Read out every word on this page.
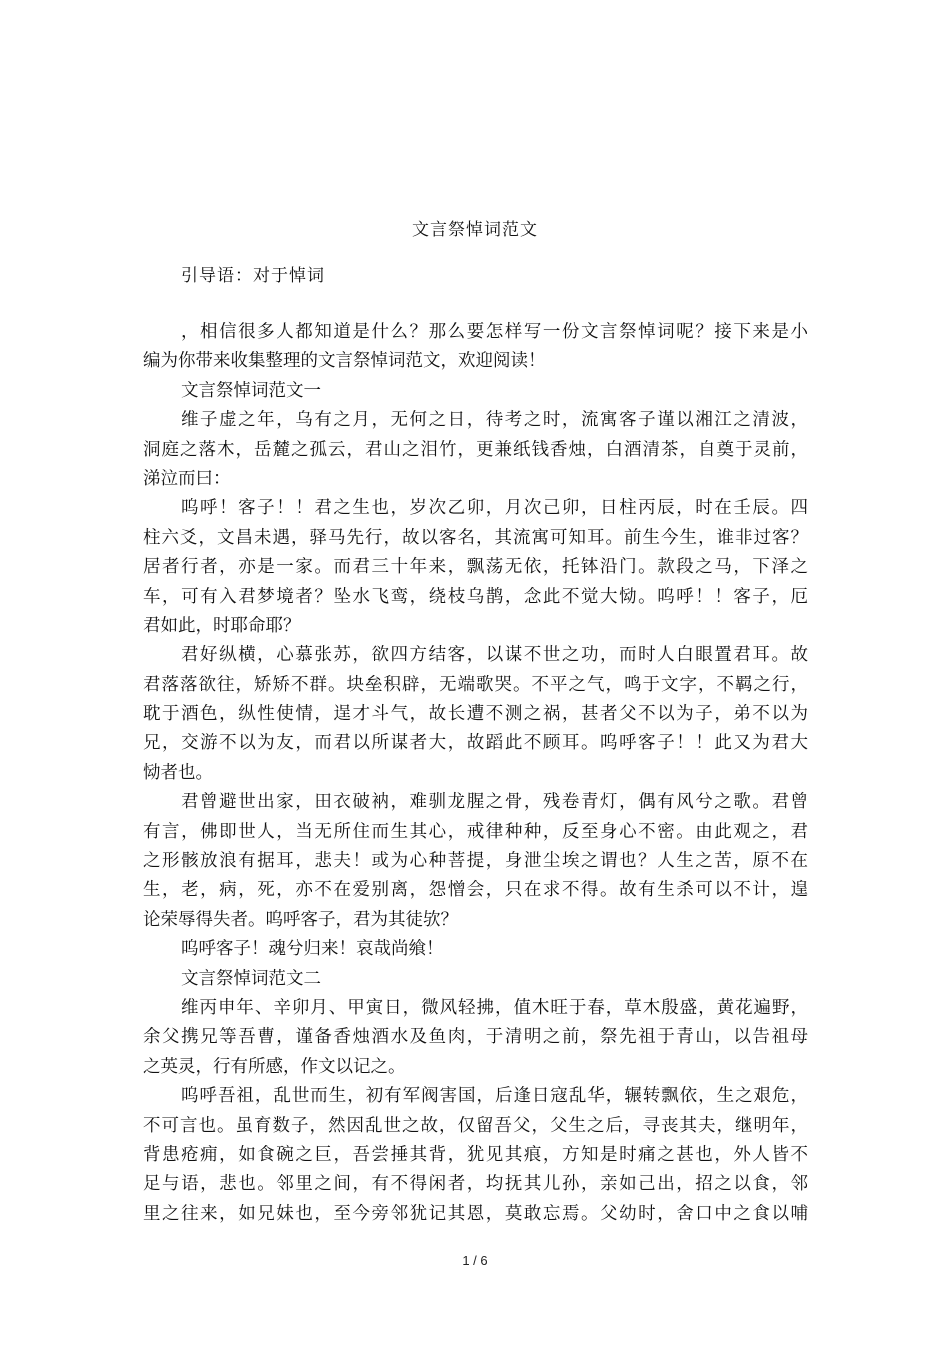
文言祭悼词范文
引导语：对于悼词
，相信很多人都知道是什么？那么要怎样写一份文言祭悼词呢？接下来是小
编为你带来收集整理的文言祭悼词范文，欢迎阅读！
文言祭悼词范文一
维子虚之年，乌有之月，无何之日，待考之时，流寓客子谨以湘江之清波，
洞庭之落木，岳麓之孤云，君山之泪竹，更兼纸钱香烛，白酒清茶，自奠于灵前，
涕泣而曰：
呜呼！客子！！君之生也，岁次乙卯，月次己卯，日柱丙辰，时在壬辰。四
柱六爻，文昌未遇，驿马先行，故以客名，其流寓可知耳。前生今生，谁非过客？
居者行者，亦是一家。而君三十年来，飘荡无依，托钵沿门。款段之马，下泽之
车，可有入君梦境者？坠水飞鸾，绕枝乌鹊，念此不觉大恸。呜呼！！客子，厄
君如此，时耶命耶？
君好纵横，心慕张苏，欲四方结客，以谋不世之功，而时人白眼置君耳。故
君落落欲往，矫矫不群。块垒积辟，无端歌哭。不平之气，鸣于文字，不羁之行，
耽于酒色，纵性使情，逞才斗气，故长遭不测之祸，甚者父不以为子，弟不以为
兄，交游不以为友，而君以所谋者大，故蹈此不顾耳。呜呼客子！！此又为君大
恸者也。
君曾避世出家，田衣破衲，难驯龙腥之骨，残卷青灯，偶有风兮之歌。君曾
有言，佛即世人，当无所住而生其心，戒律种种，反至身心不密。由此观之，君
之形骸放浪有据耳，悲夫！或为心种菩提，身泄尘埃之谓也？人生之苦，原不在
生，老，病，死，亦不在爱别离，怨憎会，只在求不得。故有生杀可以不计，遑
论荣辱得失者。呜呼客子，君为其徒欤？
呜呼客子！魂兮归来！哀哉尚飨！
文言祭悼词范文二
维丙申年、辛卯月、甲寅日，微风轻拂，值木旺于春，草木殷盛，黄花遍野，
余父携兄等吾曹，谨备香烛酒水及鱼肉，于清明之前，祭先祖于青山，以告祖母
之英灵，行有所感，作文以记之。
呜呼吾祖，乱世而生，初有军阀害国，后逢日寇乱华，辗转飘依，生之艰危，
不可言也。虽育数子，然因乱世之故，仅留吾父，父生之后，寻丧其夫，继明年，
背患疮痈，如食碗之巨，吾尝捶其背，犹见其痕，方知是时痛之甚也，外人皆不
足与语，悲也。邻里之间，有不得闲者，均抚其儿孙，亲如己出，招之以食，邻
里之往来，如兄妹也，至今旁邻犹记其恩，莫敢忘焉。父幼时，舍口中之食以哺
1 / 6
